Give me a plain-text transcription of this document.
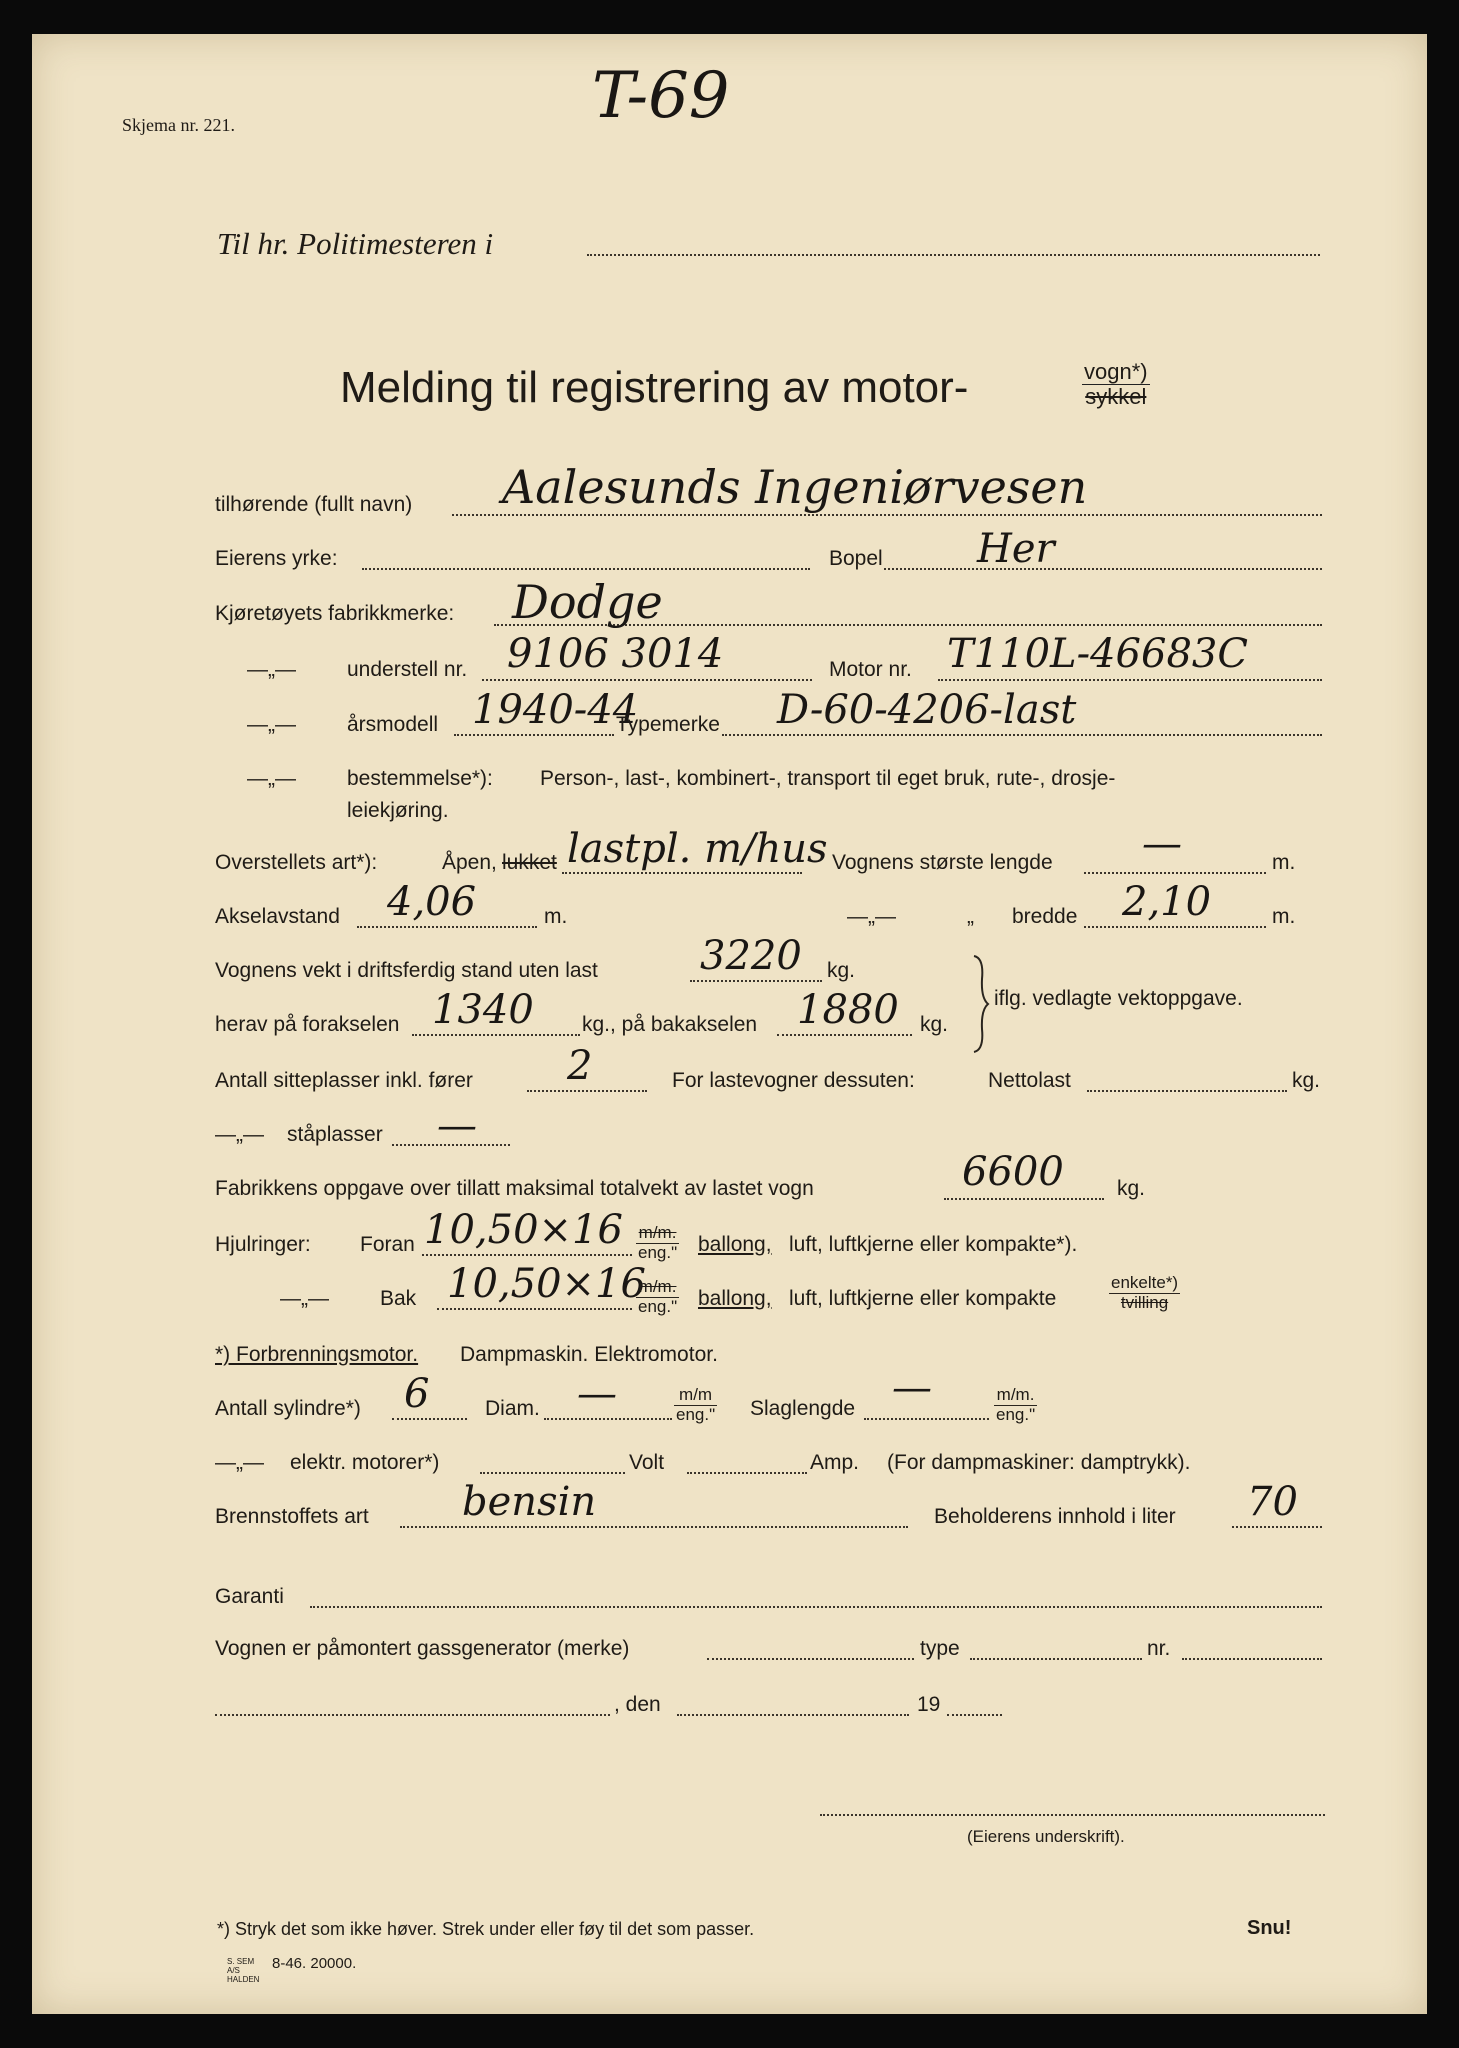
Skjema nr. 221.	T-69
Til hr. Politimesteren i
Melding til registrering av motor-	vogn*)
sykkel
tilhørende (fullt navn) Aalesunds Ingeniørvesen
Eierens yrke:	Bopel Her
Kjøretøyets fabrikkmerke: Dodge
—„— understell nr. 9106 3014	Motor nr. T110L-46683C
—„— årsmodell 1940-44
Typemerke D-60-4206-last
—„— bestemmelse*): Person-, last-, kombinert-, transport til eget bruk, rute-, drosje-
leiekjøring.
Overstellets art*):	Åpen, lukket lastpl. m/hus Vognens største lengde —	m.
Akselavstand 4,06	m.	—„—	„ bredde 2,10	m.
Vognens vekt i driftsferdig stand uten last	3220 kg.
herav på forakselen 1340 kg., på bakakselen 1880 kg.
iflg. vedlagte vektoppgave.
Antall sitteplasser inkl. fører 2	For lastevogner dessuten:	Nettolast	kg.
—„— ståplasser —
Fabrikkens oppgave over tillatt maksimal totalvekt av lastet vogn	6600	kg.
Hjulringer: Foran 10,50×16 m/m.
eng." ballong, luft, luftkjerne eller kompakte*).
—„— Bak 10,50×16
m/m.
eng." ballong, luft, luftkjerne eller kompakte
enkelte*)
tvilling
*) Forbrenningsmotor. Dampmaskin. Elektromotor.
Antall sylindre*) 6	Diam. —	m/m
eng." Slaglengde —	m/m.
eng."
—„— elektr. motorer*)	Volt	Amp. (For dampmaskiner: damptrykk).
Brennstoffets art bensin	Beholderens innhold i liter 70
Garanti
Vognen er påmontert gassgenerator (merke)	type	nr.
, den	19
(Eierens underskrift).
*) Stryk det som ikke høver. Strek under eller føy til det som passer.	Snu!
S. SEM A/S HALDEN
8-46. 20000.
